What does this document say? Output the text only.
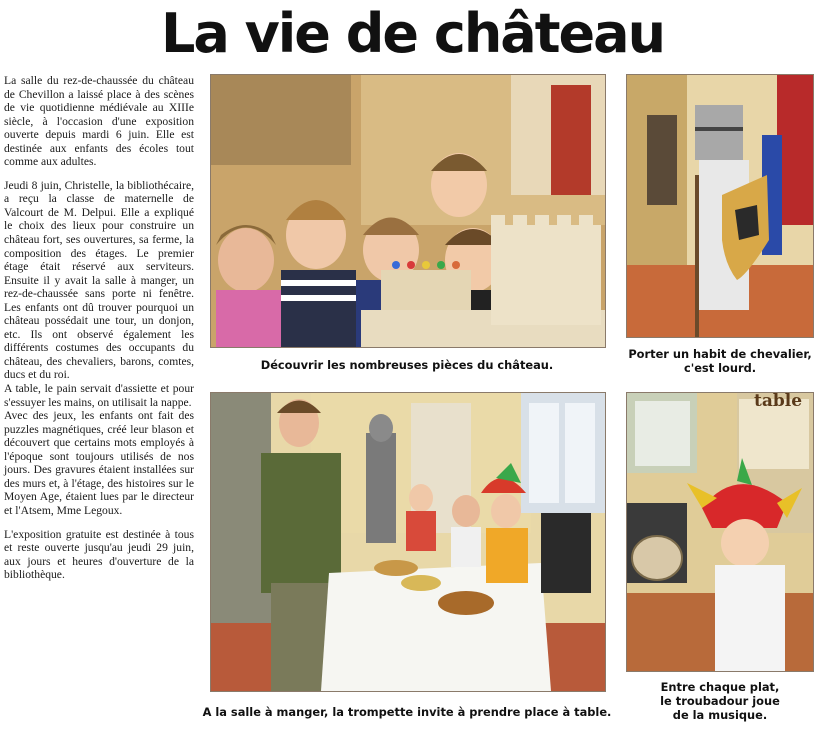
La vie de château

La salle du rez-de-chaussée du château de Chevillon a laissé place à des scènes de vie quotidienne médiévale au XIIIe siècle, à l'occasion d'une exposition ouverte depuis mardi 6 juin. Elle est destinée aux enfants des écoles tout comme aux adultes.

Jeudi 8 juin, Christelle, la bibliothécaire, a reçu la classe de maternelle de Valcourt de M. Delpui. Elle a expliqué le choix des lieux pour construire un château fort, ses ouvertures, sa ferme, la composition des étages. Le premier étage était réservé aux serviteurs. Ensuite il y avait la salle à manger, un rez-de-chaussée sans porte ni fenêtre. Les enfants ont dû trouver pourquoi un château possédait une tour, un donjon, etc. Ils ont observé également les différents costumes des occupants du château, des chevaliers, barons, comtes, ducs et du roi.

A table, le pain servait d'assiette et pour s'essuyer les mains, on utilisait la nappe.

Avec des jeux, les enfants ont fait des puzzles magnétiques, créé leur blason et découvert que certains mots employés à l'époque sont toujours utilisés de nos jours. Des gravures étaient installées sur des murs et, à l'étage, des histoires sur le Moyen Age, étaient lues par le directeur et l'Atsem, Mme Legoux.

L'exposition gratuite est destinée à tous et reste ouverte jusqu'au jeudi 29 juin, aux jours et heures d'ouverture de la bibliothèque.

Découvrir les nombreuses pièces du château.
Porter un habit de chevalier,
c'est lourd.
A la salle à manger, la trompette invite à prendre place à table.
table
Entre chaque plat,
le troubadour joue
de la musique.
